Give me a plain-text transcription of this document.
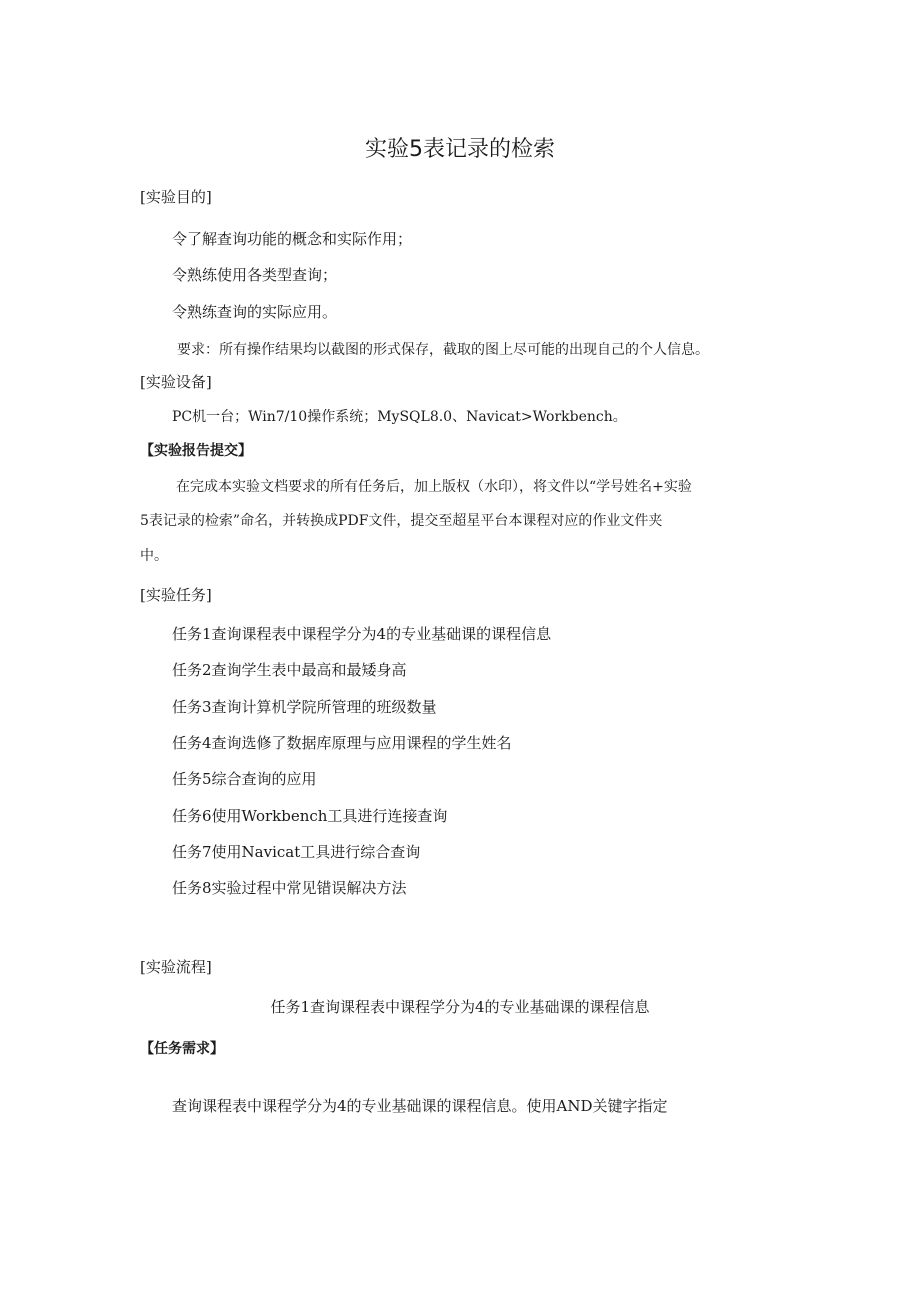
实验5表记录的检索
[实验目的]
令了解查询功能的概念和实际作用；
令熟练使用各类型查询；
令熟练查询的实际应用。
要求：所有操作结果均以截图的形式保存，截取的图上尽可能的出现自己的个人信息。
[实验设备]
PC机一台；Win7/10操作系统；MySQL8.0、Navicat>Workbench。
【实验报告提交】
在完成本实验文档要求的所有任务后，加上版权（水印），将文件以“学号姓名+实验
5表记录的检索”命名，并转换成PDF文件，提交至超星平台本课程对应的作业文件夹
中。
[实验任务]
任务1查询课程表中课程学分为4的专业基础课的课程信息
任务2查询学生表中最高和最矮身高
任务3查询计算机学院所管理的班级数量
任务4查询选修了数据库原理与应用课程的学生姓名
任务5综合查询的应用
任务6使用Workbench工具进行连接查询
任务7使用Navicat工具进行综合查询
任务8实验过程中常见错误解决方法
[实验流程]
任务1查询课程表中课程学分为4的专业基础课的课程信息
【任务需求】
查询课程表中课程学分为4的专业基础课的课程信息。使用AND关键字指定
